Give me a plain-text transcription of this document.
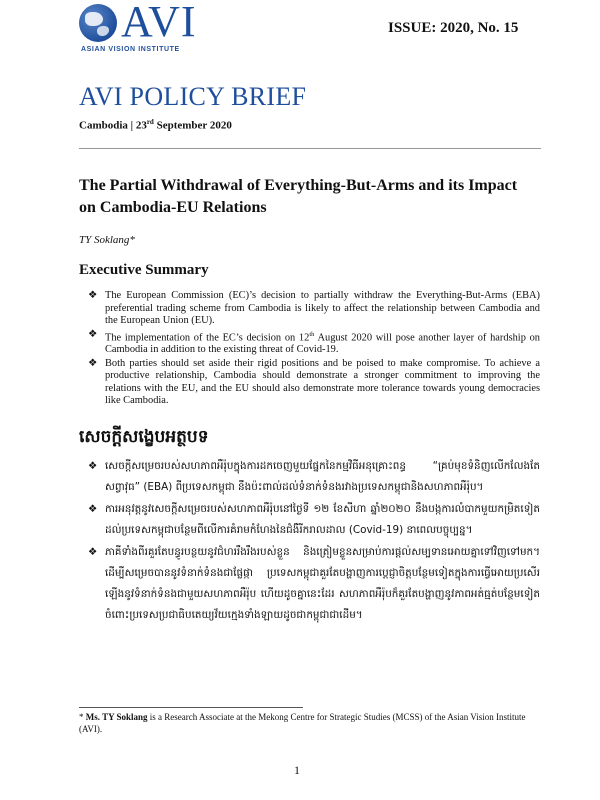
AVI
ASIAN VISION INSTITUTE
ISSUE: 2020, No. 15
AVI POLICY BRIEF
Cambodia | 23rd September 2020
The Partial Withdrawal of Everything-But-Arms and its Impact on Cambodia-EU Relations
TY Soklang*
Executive Summary
❖ The European Commission (EC)’s decision to partially withdraw the Everything-But-Arms (EBA) preferential trading scheme from Cambodia is likely to affect the relationship between Cambodia and the European Union (EU).
❖ The implementation of the EC’s decision on 12th August 2020 will pose another layer of hardship on Cambodia in addition to the existing threat of Covid-19.
❖ Both parties should set aside their rigid positions and be poised to make compromise. To achieve a productive relationship, Cambodia should demonstrate a stronger commitment to improving the relations with the EU, and the EU should also demonstrate more tolerance towards young democracies like Cambodia.
សេចក្តីសង្ខេបអត្ថបទ
❖ សេចក្តីសម្រេចរបស់សហភាពអឺរ៉ុបក្នុងការដកចេញមួយផ្នែកនៃកម្មវិធីអនុគ្រោះពន្ធ “គ្រប់មុខទំនិញលើកលែងតែសព្វាវុធ” (EBA) ពីប្រទេសកម្ពុជា នឹងប៉ះពាល់ដល់ទំនាក់ទំនងរវាងប្រទេសកម្ពុជានិងសហភាពអឺរ៉ុប។
❖ ការអនុវត្តនូវសេចក្តីសម្រេចរបស់សហភាពអឺរ៉ុបនៅថ្ងៃទី ១២ ខែសីហា ឆ្នាំ២០២០ នឹងបង្កការលំបាកមួយកម្រិតទៀតដល់ប្រទេសកម្ពុជាបន្ថែមពីលើការគំរាមកំហែងនៃជំងឺរីករាលដាល (Covid-19) នាពេលបច្ចុប្បន្ន។
❖ ភាគីទាំងពីរគួរតែបន្ធូរបន្ថយនូវជំហររឹងរឹងរបស់ខ្លួន និងត្រៀមខ្លួនសម្រាប់ការផ្តល់សម្បទានអោយគ្នាទៅវិញទៅមក។ ដើម្បីសម្រេចបាននូវទំនាក់ទំនងជាផ្លែផ្កា ប្រទេសកម្ពុជាគួរតែបង្ហាញការប្តេជ្ញាចិត្តបន្ថែមទៀតក្នុងការធ្វើអោយប្រសើរឡើងនូវទំនាក់ទំនងជាមួយសហភាពអឺរ៉ុប ហើយដូចគ្នានេះដែរ សហភាពអឺរ៉ុបក៏គួរតែបង្ហាញនូវភាពអត់ធ្មត់បន្ថែមទៀតចំពោះប្រទេសប្រជាធិបតេយ្យវ័យក្មេងទាំងឡាយដូចជាកម្ពុជាជាដើម។
* Ms. TY Soklang is a Research Associate at the Mekong Centre for Strategic Studies (MCSS) of the Asian Vision Institute (AVI).
1
